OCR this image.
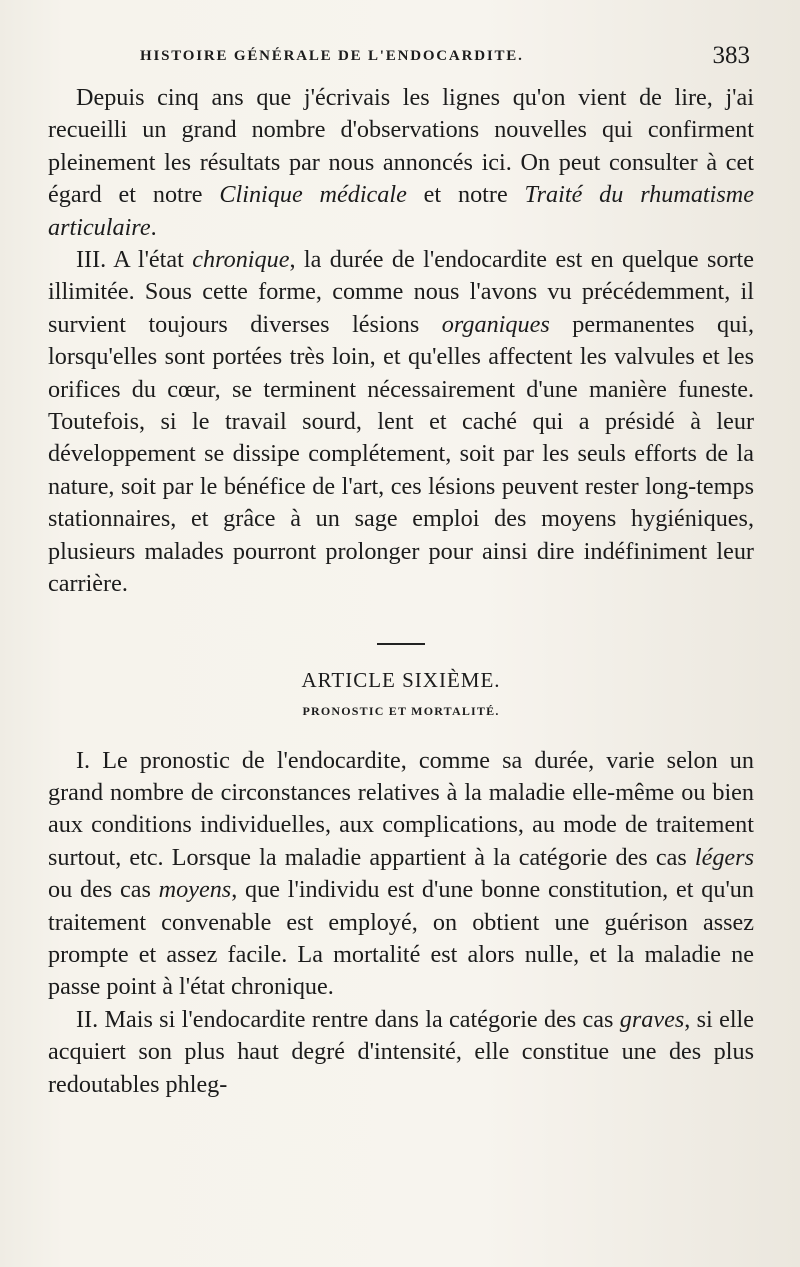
HISTOIRE GÉNÉRALE DE L'ENDOCARDITE.	383

Depuis cinq ans que j'écrivais les lignes qu'on vient de lire, j'ai recueilli un grand nombre d'observations nouvelles qui confirment pleinement les résultats par nous annoncés ici. On peut consulter à cet égard et notre Clinique médicale et notre Traité du rhumatisme articulaire.

III. A l'état chronique, la durée de l'endocardite est en quelque sorte illimitée. Sous cette forme, comme nous l'avons vu précédemment, il survient toujours diverses lésions organiques permanentes qui, lorsqu'elles sont portées très loin, et qu'elles affectent les valvules et les orifices du cœur, se terminent nécessairement d'une manière funeste. Toutefois, si le travail sourd, lent et caché qui a présidé à leur développement se dissipe complétement, soit par les seuls efforts de la nature, soit par le bénéfice de l'art, ces lésions peuvent rester long-temps stationnaires, et grâce à un sage emploi des moyens hygiéniques, plusieurs malades pourront prolonger pour ainsi dire indéfiniment leur carrière.

ARTICLE SIXIÈME.

PRONOSTIC ET MORTALITÉ.

I. Le pronostic de l'endocardite, comme sa durée, varie selon un grand nombre de circonstances relatives à la maladie elle-même ou bien aux conditions individuelles, aux complications, au mode de traitement surtout, etc. Lorsque la maladie appartient à la catégorie des cas légers ou des cas moyens, que l'individu est d'une bonne constitution, et qu'un traitement convenable est employé, on obtient une guérison assez prompte et assez facile. La mortalité est alors nulle, et la maladie ne passe point à l'état chronique.

II. Mais si l'endocardite rentre dans la catégorie des cas graves, si elle acquiert son plus haut degré d'intensité, elle constitue une des plus redoutables phleg-
